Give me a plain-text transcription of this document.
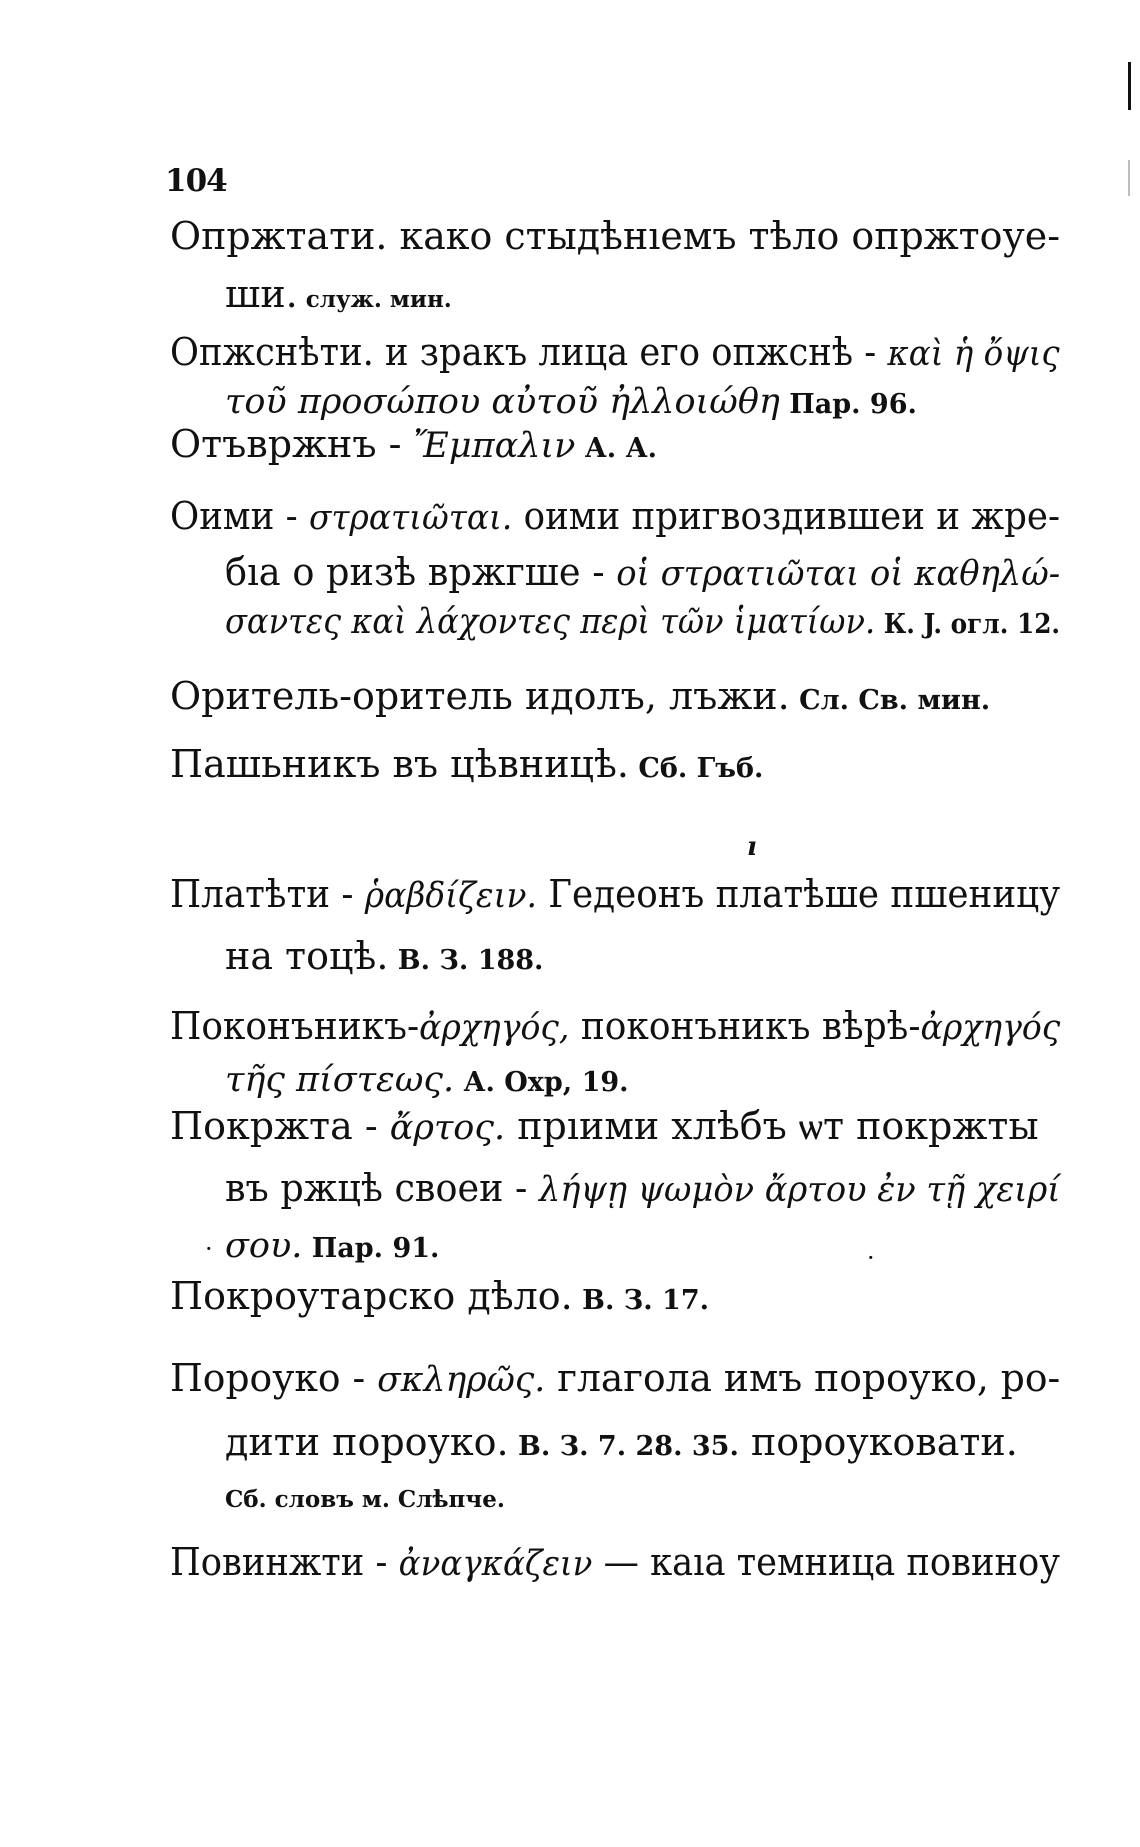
104
Опржтати. како стыдѣнıемъ тѣло опржтоуе-
ши. служ. мин.
Опжснѣти. и зракъ лица его опжснѣ - καὶ ἡ ὄψις
τοῦ προσώπου αὐτοῦ ἠλλοιώθη Пар. 96.
Отъвржнъ - Ἔμπαλιν А. А.
Оими - στρατιῶται. оими пригвоздившеи и жре-
бıа о ризѣ вржгше - οἱ στρατιῶται οἱ καθηλώ-
σαντες καὶ λάχοντες περὶ τῶν ἱματίων. К. J. огл. 12.
Оритель-оритель идолъ, лъжи. Сл. Св. мин.
Пашьникъ въ цѣвницѣ. Сб. Гъб.
ı
Платѣти - ῥαβδίζειν. Гедеонъ платѣше пшеницу
на тоцѣ. В. З. 188.
Поконъникъ-ἀρχηγός, поконъникъ вѣрѣ-ἀρχηγός
τῆς πίστεως. А. Охр, 19.
Покржта - ἄρτος. прıими хлѣбъ ѡт покржты
въ ржцѣ своеи - λήψῃ ψωμὸν ἄρτου ἐν τῇ χειρί
σου. Пар. 91.
·	·
Покроутарско дѣло. В. З. 17.
Пороуко - σκληρῶς. глагола имъ пороуко, ро-
дити пороуко. В. З. 7. 28. 35. пороуковати.
Сб. словъ м. Слѣпче.
Повинжти - ἀναγκάζειν — каıа темница повиноу
